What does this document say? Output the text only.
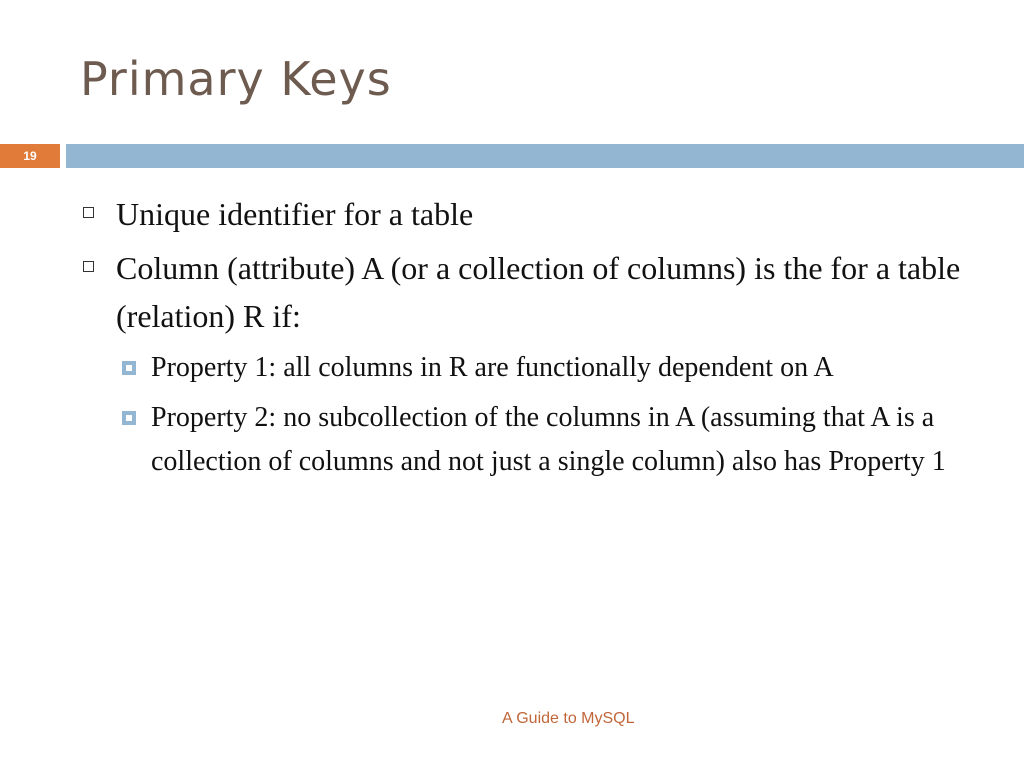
Primary Keys
19
Unique identifier for a table
Column (attribute) A (or a collection of columns) is the for a table (relation) R if:
Property 1: all columns in R are functionally dependent on A
Property 2: no subcollection of the columns in A (assuming that A is a collection of columns and not just a single column) also has Property 1
A Guide to MySQL
